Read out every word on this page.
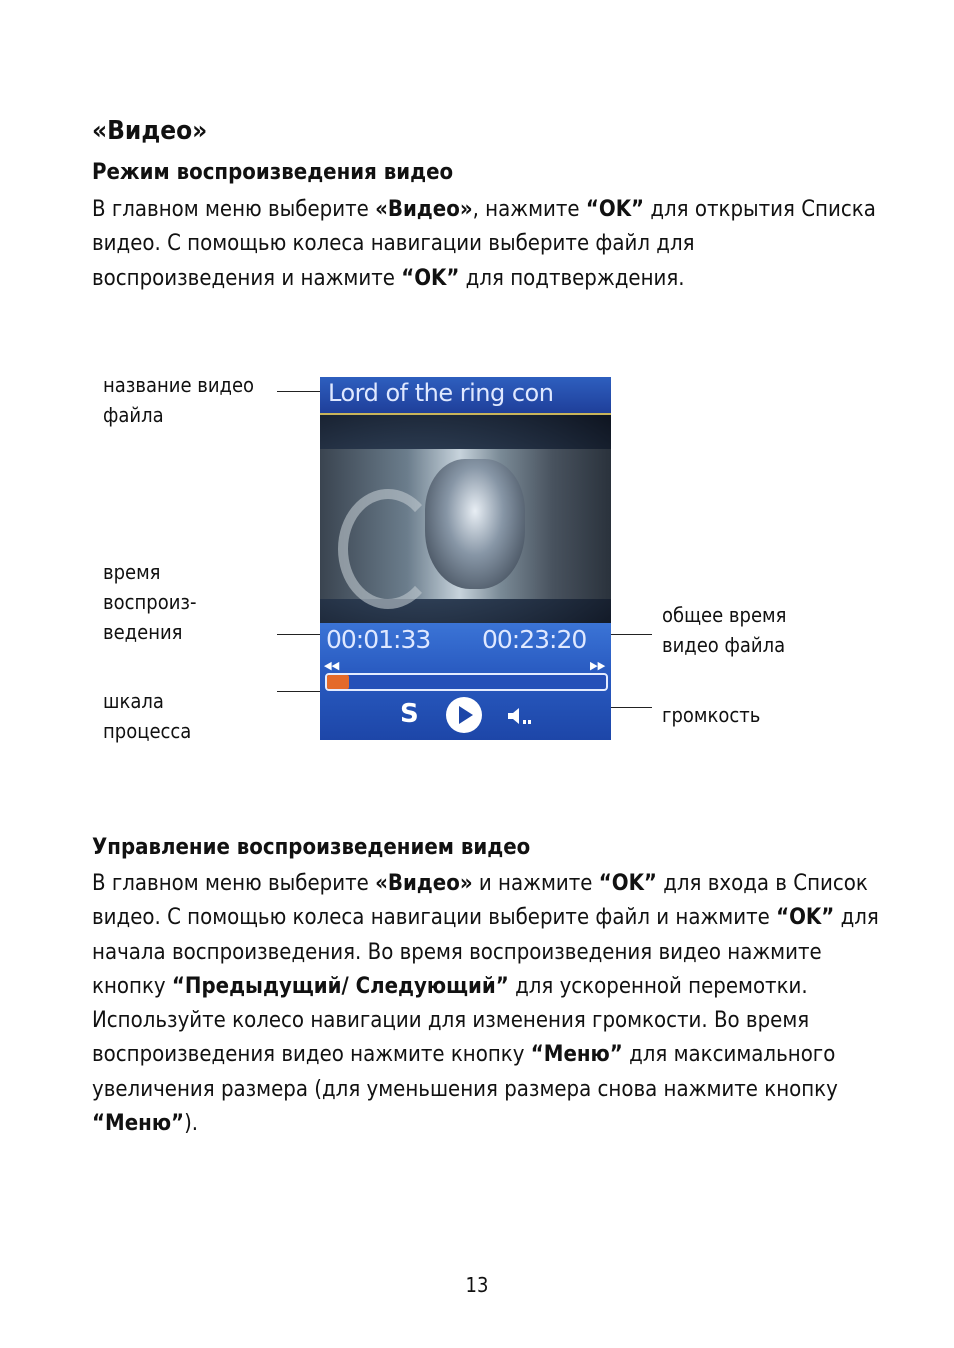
«Видео»
Режим воспроизведения видео

В главном меню выберите «Видео», нажмите “OK” для открытия Списка видео. С помощью колеса навигации выберите файл для воспроизведения и нажмите “OK” для подтверждения.

название видео
файла
время
воспроиз-
ведения
шкала
процесса
общее время
видео файла
громкость
Lord of the ring con
00:01:33 00:23:20
◀◀	▶▶
S
Управление воспроизведением видео

В главном меню выберите «Видео» и нажмите “OK” для входа в Список видео. С помощью колеса навигации выберите файл и нажмите “OK” для начала воспроизведения. Во время воспроизведения видео нажмите кнопку “Предыдущий/ Следующий” для ускоренной перемотки. Используйте колесо навигации для изменения громкости. Во время воспроизведения видео нажмите кнопку “Меню” для максимального увеличения размера (для уменьшения размера снова нажмите кнопку “Меню”).

13
